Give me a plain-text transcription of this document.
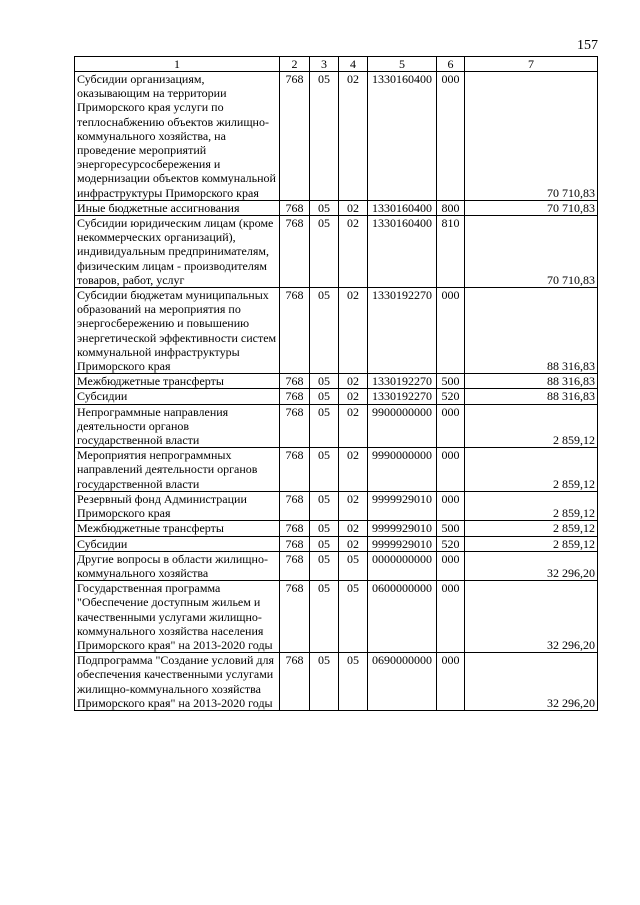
157
1	2	3	4	5	6	7
Субсидии организациям, оказывающим на территории Приморского края услуги по теплоснабжению объектов жилищно-коммунального хозяйства, на проведение мероприятий энергоресурсосбережения и модернизации объектов коммунальной инфраструктуры Приморского края	768	05	02	1330160400	000	70 710,83
Иные бюджетные ассигнования	768	05	02	1330160400	800	70 710,83
Субсидии юридическим лицам (кроме некоммерческих организаций), индивидуальным предпринимателям, физическим лицам - производителям товаров, работ, услуг	768	05	02	1330160400	810	70 710,83
Субсидии бюджетам муниципальных образований на мероприятия по энергосбережению и повышению энергетической эффективности систем коммунальной инфраструктуры Приморского края	768	05	02	1330192270	000	88 316,83
Межбюджетные трансферты	768	05	02	1330192270	500	88 316,83
Субсидии	768	05	02	1330192270	520	88 316,83
Непрограммные направления деятельности органов государственной власти	768	05	02	9900000000	000	2 859,12
Мероприятия непрограммных направлений деятельности органов государственной власти	768	05	02	9990000000	000	2 859,12
Резервный фонд Администрации Приморского края	768	05	02	9999929010	000	2 859,12
Межбюджетные трансферты	768	05	02	9999929010	500	2 859,12
Субсидии	768	05	02	9999929010	520	2 859,12
Другие вопросы в области жилищно-коммунального хозяйства	768	05	05	0000000000	000	32 296,20
Государственная программа "Обеспечение доступным жильем и качественными услугами жилищно-коммунального хозяйства населения Приморского края" на 2013-2020 годы	768	05	05	0600000000	000	32 296,20
Подпрограмма "Создание условий для обеспечения качественными услугами жилищно-коммунального хозяйства Приморского края" на 2013-2020 годы	768	05	05	0690000000	000	32 296,20
